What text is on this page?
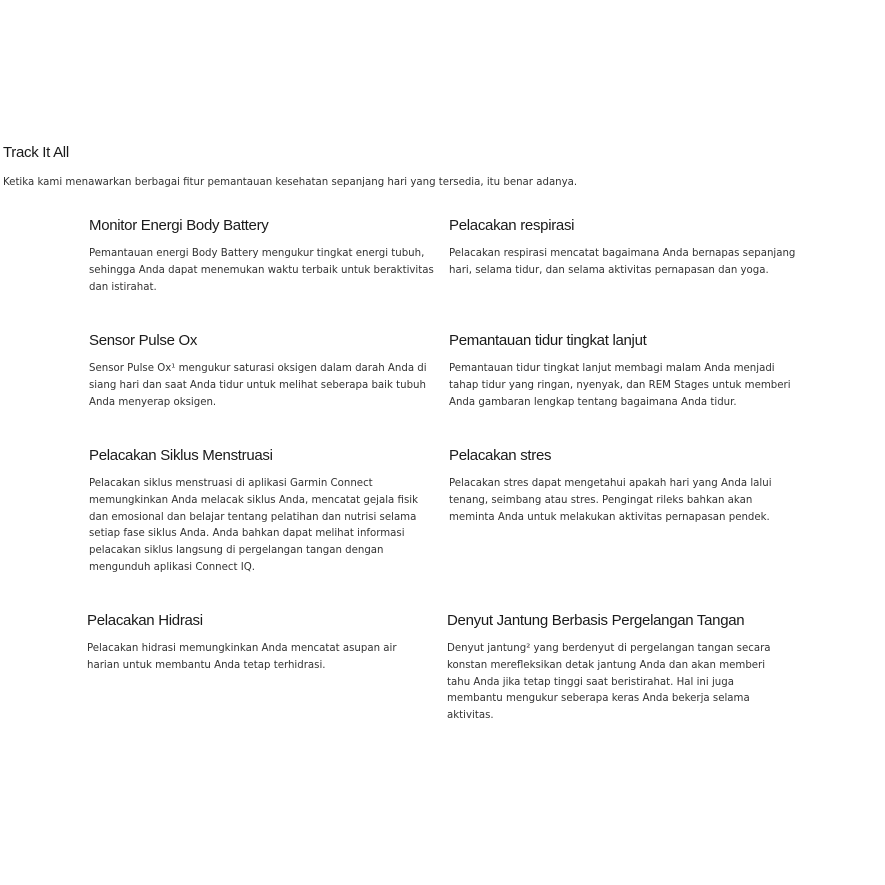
Track It All

Ketika kami menawarkan berbagai fitur pemantauan kesehatan sepanjang hari yang tersedia, itu benar adanya.

Monitor Energi Body Battery

Pemantauan energi Body Battery mengukur tingkat energi tubuh, sehingga Anda dapat menemukan waktu terbaik untuk beraktivitas dan istirahat.

Pelacakan respirasi

Pelacakan respirasi mencatat bagaimana Anda bernapas sepanjang hari, selama tidur, dan selama aktivitas pernapasan dan yoga.

Sensor Pulse Ox

Sensor Pulse Ox¹ mengukur saturasi oksigen dalam darah Anda di siang hari dan saat Anda tidur untuk melihat seberapa baik tubuh Anda menyerap oksigen.

Pemantauan tidur tingkat lanjut

Pemantauan tidur tingkat lanjut membagi malam Anda menjadi tahap tidur yang ringan, nyenyak, dan REM Stages untuk memberi Anda gambaran lengkap tentang bagaimana Anda tidur.

Pelacakan Siklus Menstruasi

Pelacakan siklus menstruasi di aplikasi Garmin Connect memungkinkan Anda melacak siklus Anda, mencatat gejala fisik dan emosional dan belajar tentang pelatihan dan nutrisi selama setiap fase siklus Anda. Anda bahkan dapat melihat informasi pelacakan siklus langsung di pergelangan tangan dengan mengunduh aplikasi Connect IQ.

Pelacakan stres

Pelacakan stres dapat mengetahui apakah hari yang Anda lalui tenang, seimbang atau stres. Pengingat rileks bahkan akan meminta Anda untuk melakukan aktivitas pernapasan pendek.

Pelacakan Hidrasi

Pelacakan hidrasi memungkinkan Anda mencatat asupan air harian untuk membantu Anda tetap terhidrasi.

Denyut Jantung Berbasis Pergelangan Tangan

Denyut jantung² yang berdenyut di pergelangan tangan secara konstan merefleksikan detak jantung Anda dan akan memberi tahu Anda jika tetap tinggi saat beristirahat. Hal ini juga membantu mengukur seberapa keras Anda bekerja selama aktivitas.
